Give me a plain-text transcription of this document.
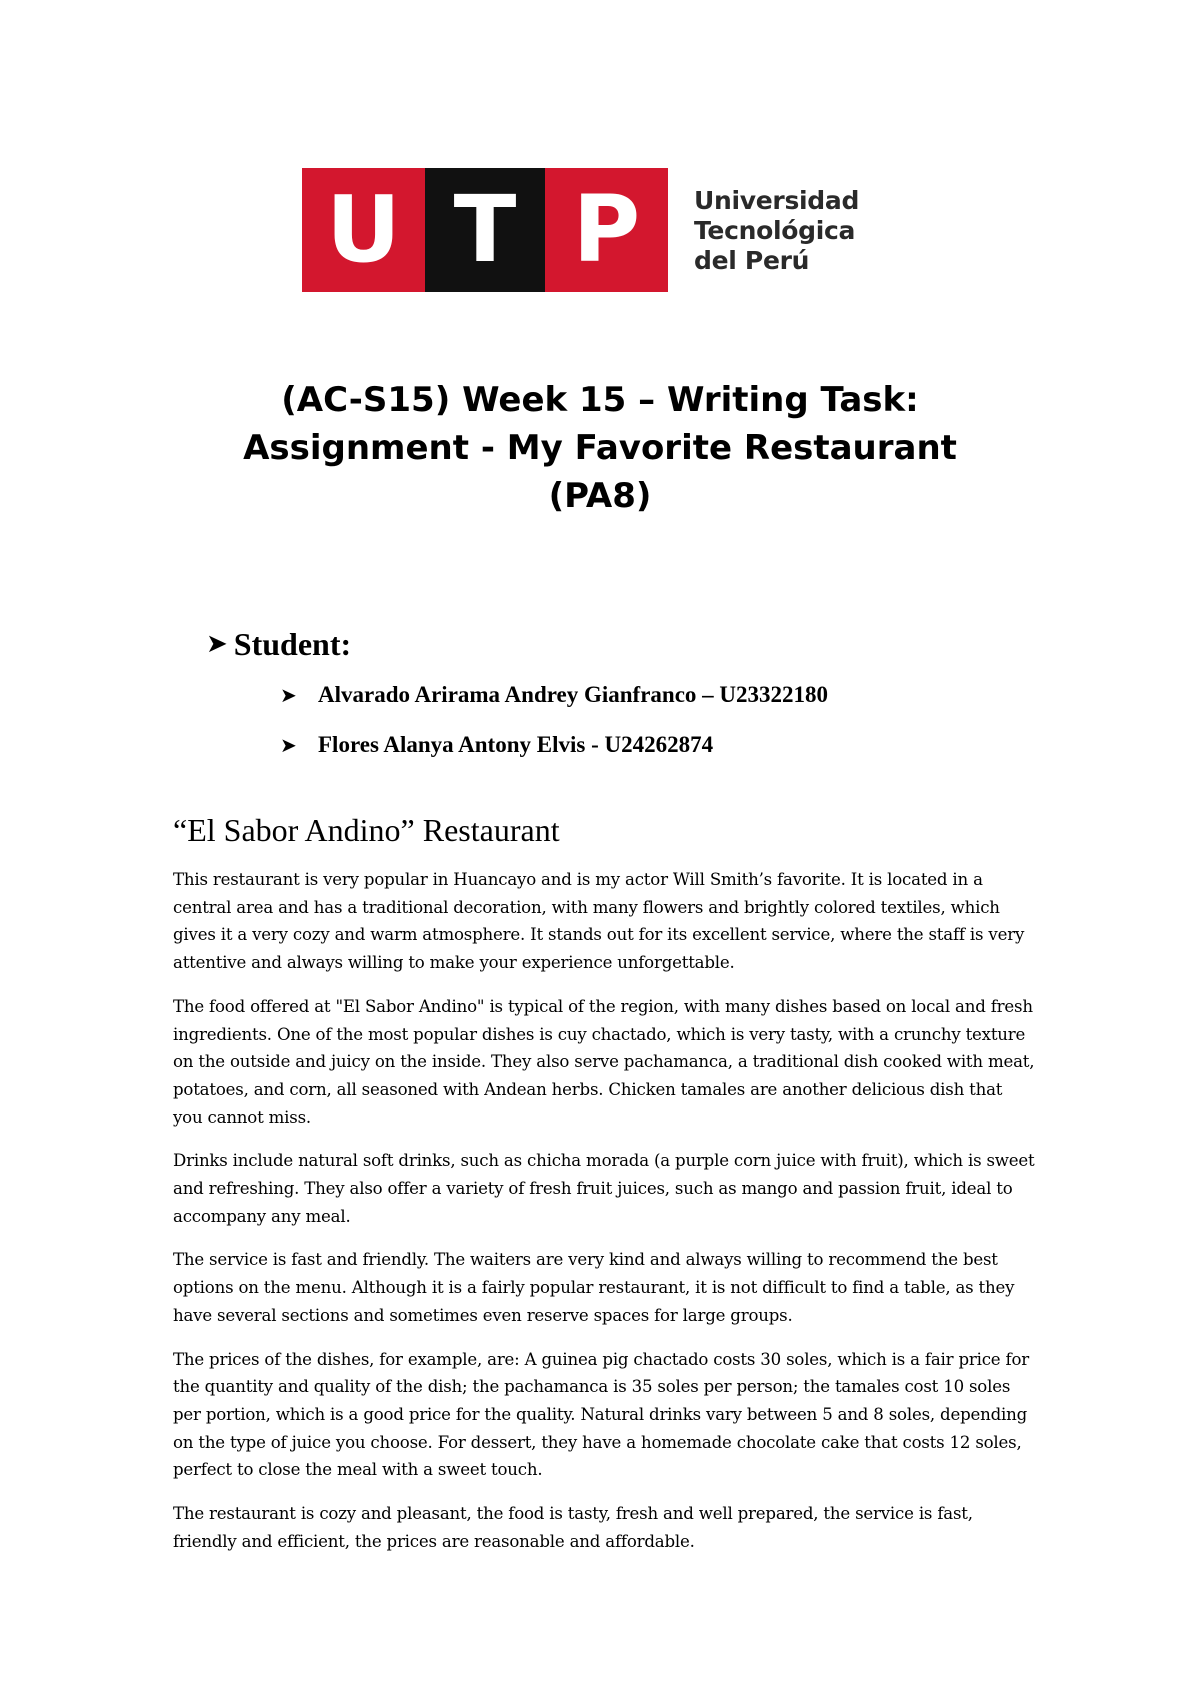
U T P	Universidad
Tecnológica
del Perú
(AC-S15) Week 15 – Writing Task:
Assignment - My Favorite Restaurant
(PA8)
➤ Student:
➤ Alvarado Arirama Andrey Gianfranco – U23322180
➤ Flores Alanya Antony Elvis - U24262874
“El Sabor Andino” Restaurant

This restaurant is very popular in Huancayo and is my actor Will Smith’s favorite. It is located in a central area and has a traditional decoration, with many flowers and brightly colored textiles, which gives it a very cozy and warm atmosphere. It stands out for its excellent service, where the staff is very attentive and always willing to make your experience unforgettable.

The food offered at "El Sabor Andino" is typical of the region, with many dishes based on local and fresh ingredients. One of the most popular dishes is cuy chactado, which is very tasty, with a crunchy texture on the outside and juicy on the inside. They also serve pachamanca, a traditional dish cooked with meat, potatoes, and corn, all seasoned with Andean herbs. Chicken tamales are another delicious dish that you cannot miss.

Drinks include natural soft drinks, such as chicha morada (a purple corn juice with fruit), which is sweet and refreshing. They also offer a variety of fresh fruit juices, such as mango and passion fruit, ideal to accompany any meal.

The service is fast and friendly. The waiters are very kind and always willing to recommend the best options on the menu. Although it is a fairly popular restaurant, it is not difficult to find a table, as they have several sections and sometimes even reserve spaces for large groups.

The prices of the dishes, for example, are: A guinea pig chactado costs 30 soles, which is a fair price for the quantity and quality of the dish; the pachamanca is 35 soles per person; the tamales cost 10 soles per portion, which is a good price for the quality. Natural drinks vary between 5 and 8 soles, depending on the type of juice you choose. For dessert, they have a homemade chocolate cake that costs 12 soles, perfect to close the meal with a sweet touch.

The restaurant is cozy and pleasant, the food is tasty, fresh and well prepared, the service is fast, friendly and efficient, the prices are reasonable and affordable.
